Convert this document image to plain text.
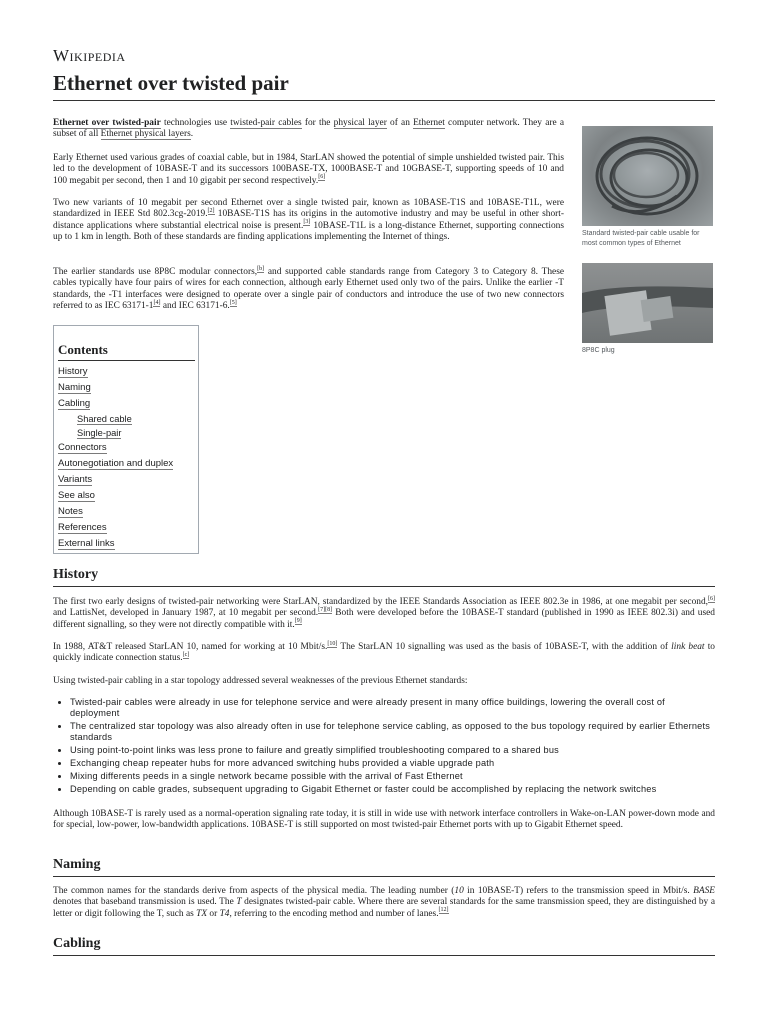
Wikipedia
Ethernet over twisted pair

Ethernet over twisted-pair technologies use twisted-pair cables for the physical layer of an Ethernet computer network. They are a subset of all Ethernet physical layers.

Early Ethernet used various grades of coaxial cable, but in 1984, StarLAN showed the potential of simple unshielded twisted pair. This led to the development of 10BASE-T and its successors 100BASE-TX, 1000BASE-T and 10GBASE-T, supporting speeds of 10 and 100 megabit per second, then 1 and 10 gigabit per second respectively.[6]

Two new variants of 10 megabit per second Ethernet over a single twisted pair, known as 10BASE-T1S and 10BASE-T1L, were standardized in IEEE Std 802.3cg-2019.[2] 10BASE-T1S has its origins in the automotive industry and may be useful in other short-distance applications where substantial electrical noise is present.[3] 10BASE-T1L is a long-distance Ethernet, supporting connections up to 1 km in length. Both of these standards are finding applications implementing the Internet of things.

The earlier standards use 8P8C modular connectors,[b] and supported cable standards range from Category 3 to Category 8. These cables typically have four pairs of wires for each connection, although early Ethernet used only two of the pairs. Unlike the earlier -T standards, the -T1 interfaces were designed to operate over a single pair of conductors and introduce the use of two new connectors referred to as IEC 63171-1[4] and IEC 63171-6.[5]

Standard twisted-pair cable usable for most common types of Ethernet
8P8C plug
Contents
History
Naming
Cabling
Shared cable
Single-pair
Connectors
Autonegotiation and duplex
Variants
See also
Notes
References
External links
History

The first two early designs of twisted-pair networking were StarLAN, standardized by the IEEE Standards Association as IEEE 802.3e in 1986, at one megabit per second,[6] and LattisNet, developed in January 1987, at 10 megabit per second.[7][8] Both were developed before the 10BASE-T standard (published in 1990 as IEEE 802.3i) and used different signalling, so they were not directly compatible with it.[9]

In 1988, AT&T released StarLAN 10, named for working at 10 Mbit/s.[10] The StarLAN 10 signalling was used as the basis of 10BASE-T, with the addition of link beat to quickly indicate connection status.[c]

Using twisted-pair cabling in a star topology addressed several weaknesses of the previous Ethernet standards:

• Twisted-pair cables were already in use for telephone service and were already present in many office buildings, lowering the overall cost of deployment
• The centralized star topology was also already often in use for telephone service cabling, as opposed to the bus topology required by earlier Ethernets standards
• Using point-to-point links was less prone to failure and greatly simplified troubleshooting compared to a shared bus
• Exchanging cheap repeater hubs for more advanced switching hubs provided a viable upgrade path
• Mixing differents peeds in a single network became possible with the arrival of Fast Ethernet
• Depending on cable grades, subsequent upgrading to Gigabit Ethernet or faster could be accomplished by replacing the network switches

Although 10BASE-T is rarely used as a normal-operation signaling rate today, it is still in wide use with network interface controllers in Wake-on-LAN power-down mode and for special, low-power, low-bandwidth applications. 10BASE-T is still supported on most twisted-pair Ethernet ports with up to Gigabit Ethernet speed.

Naming

The common names for the standards derive from aspects of the physical media. The leading number (10 in 10BASE-T) refers to the transmission speed in Mbit/s. BASE denotes that baseband transmission is used. The T designates twisted-pair cable. Where there are several standards for the same transmission speed, they are distinguished by a letter or digit following the T, such as TX or T4, referring to the encoding method and number of lanes.[12]

Cabling
